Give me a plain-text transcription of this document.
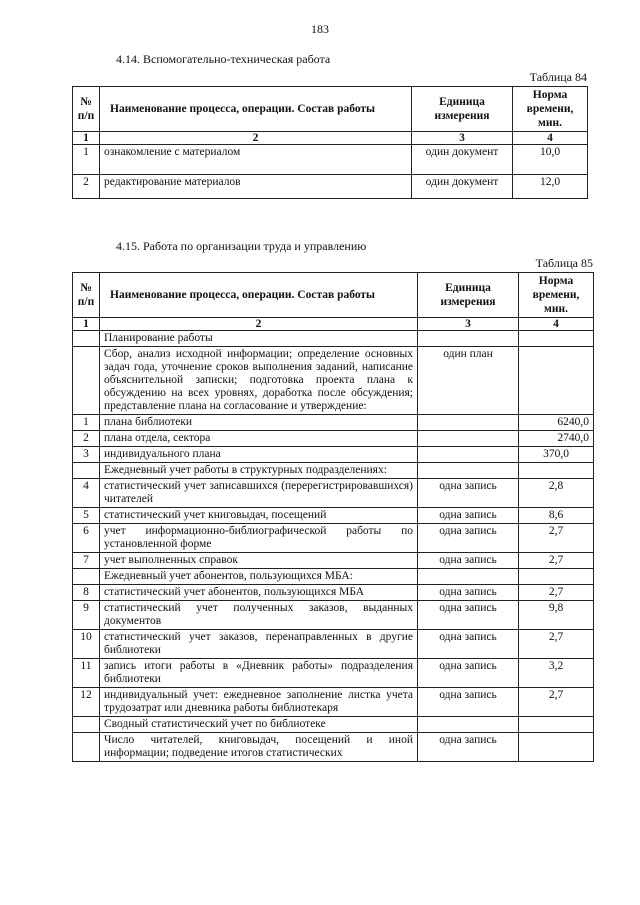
183
4.14. Вспомогательно-техническая работа
Таблица 84
№ п/п	Наименование процесса, операции. Состав работы	Единица измерения	Норма времени, мин.
1	2	3	4
1	ознакомление с материалом	один документ	10,0
2	редактирование материалов	один документ	12,0
4.15. Работа по организации труда и управлению
Таблица 85
№ п/п	Наименование процесса, операции. Состав работы	Единица измерения	Норма времени, мин.
1	2	3	4
	Планирование работы		
	Сбор, анализ исходной информации; определение основных задач года, уточнение сроков выполнения заданий, написание объяснительной записки; подготовка проекта плана к обсуждению на всех уровнях, доработка после обсуждения; представление плана на согласование и утверждение:	один план	
1	плана библиотеки		6240,0
2	плана отдела, сектора		2740,0
3	индивидуального плана		370,0
	Ежедневный учет работы в структурных подразделениях:		
4	статистический учет записавшихся (перерегистрировавшихся) читателей	одна запись	2,8
5	статистический учет книговыдач, посещений	одна запись	8,6
6	учет информационно-библиографической работы по установленной форме	одна запись	2,7
7	учет выполненных справок	одна запись	2,7
	Ежедневный учет абонентов, пользующихся МБА:		
8	статистический учет абонентов, пользующихся МБА	одна запись	2,7
9	статистический учет полученных заказов, выданных документов	одна запись	9,8
10	статистический учет заказов, перенаправленных в другие библиотеки	одна запись	2,7
11	запись итоги работы в «Дневник работы» подразделения библиотеки	одна запись	3,2
12	индивидуальный учет: ежедневное заполнение листка учета трудозатрат или дневника работы библиотекаря	одна запись	2,7
	Сводный статистический учет по библиотеке		
	Число читателей, книговыдач, посещений и иной информации; подведение итогов статистических	одна запись	
